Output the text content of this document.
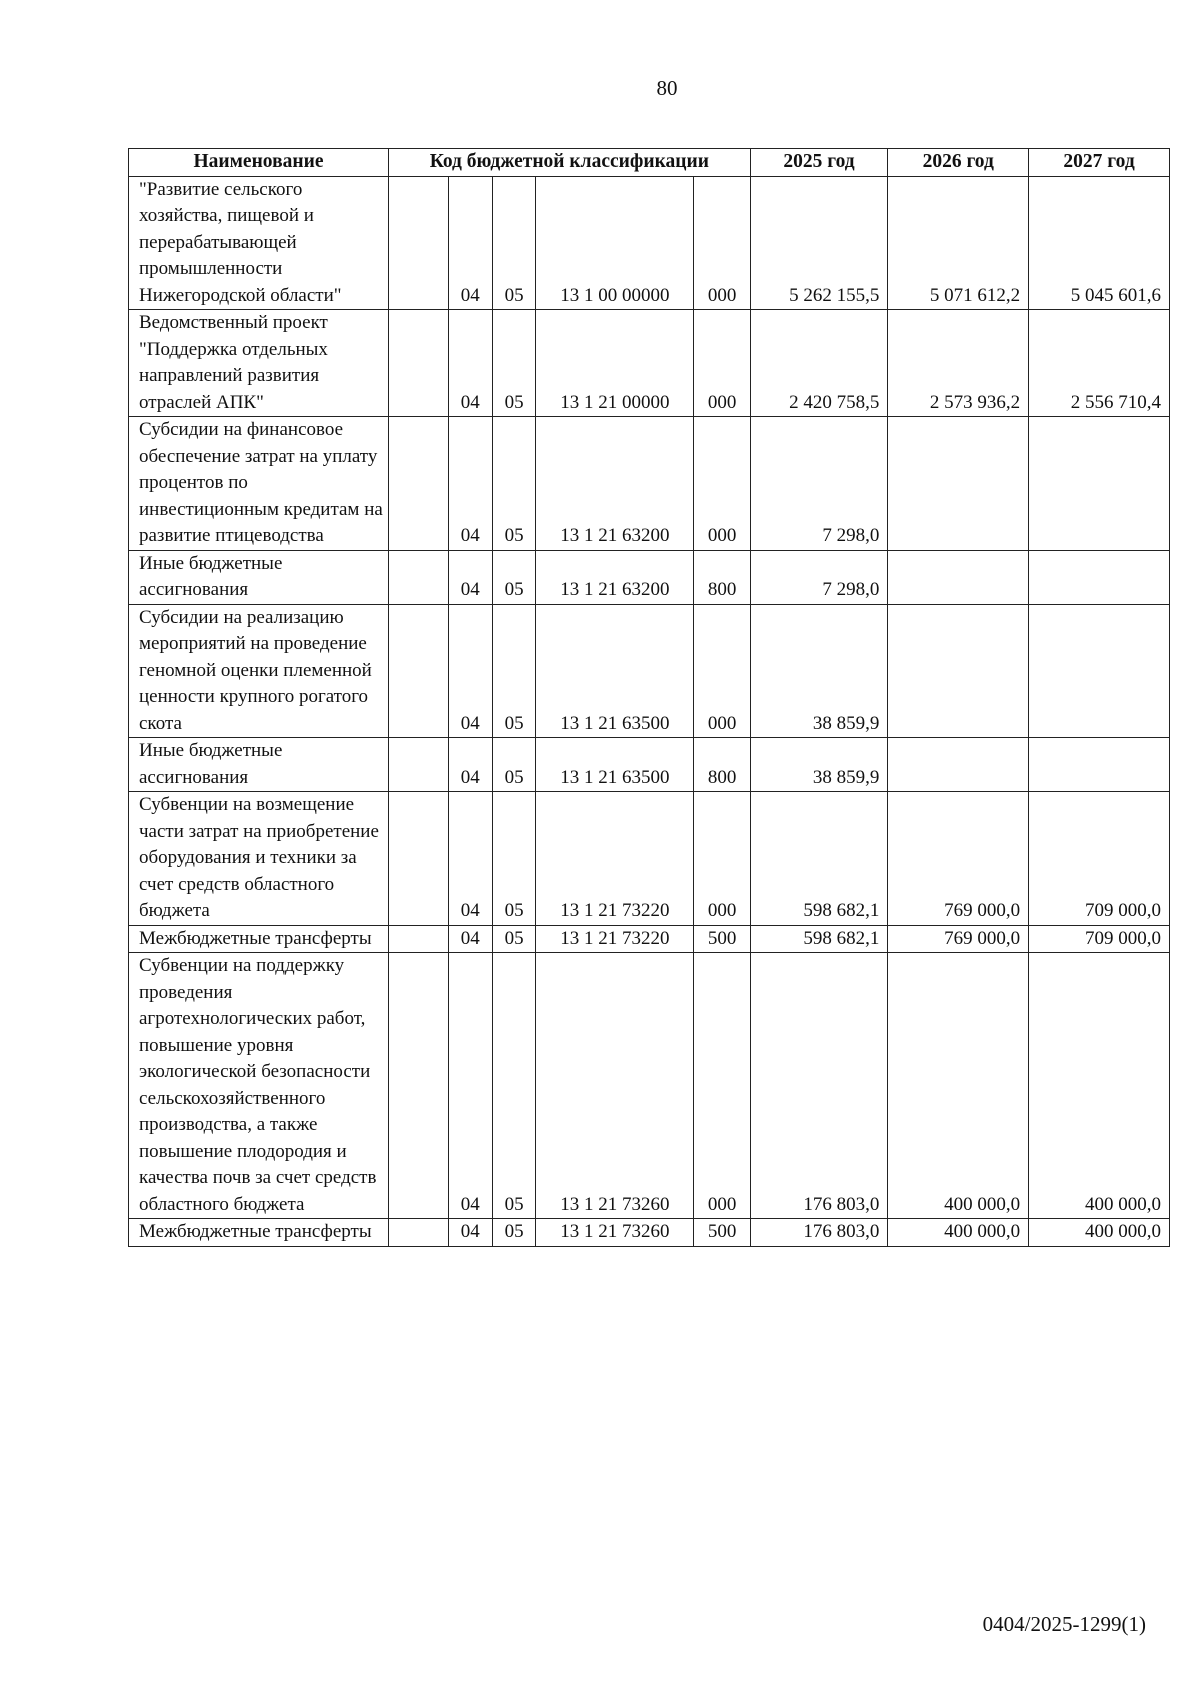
80
Наименование	Код бюджетной классификации					2025 год	2026 год	2027 год
"Развитие сельского хозяйства, пищевой и перерабатывающей промышленности Нижегородской области"		04	05	13 1 00 00000	000	5 262 155,5	5 071 612,2	5 045 601,6
Ведомственный проект "Поддержка отдельных направлений развития отраслей АПК"		04	05	13 1 21 00000	000	2 420 758,5	2 573 936,2	2 556 710,4
Субсидии на финансовое обеспечение затрат на уплату процентов по инвестиционным кредитам на развитие птицеводства		04	05	13 1 21 63200	000	7 298,0		
Иные бюджетные ассигнования		04	05	13 1 21 63200	800	7 298,0		
Субсидии на реализацию мероприятий на проведение геномной оценки племенной ценности крупного рогатого скота		04	05	13 1 21 63500	000	38 859,9		
Иные бюджетные ассигнования		04	05	13 1 21 63500	800	38 859,9		
Субвенции на возмещение части затрат на приобретение оборудования и техники за счет средств областного бюджета		04	05	13 1 21 73220	000	598 682,1	769 000,0	709 000,0
Межбюджетные трансферты		04	05	13 1 21 73220	500	598 682,1	769 000,0	709 000,0
Субвенции на поддержку проведения агротехнологических работ, повышение уровня экологической безопасности сельскохозяйственного производства, а также повышение плодородия и качества почв за счет средств областного бюджета		04	05	13 1 21 73260	000	176 803,0	400 000,0	400 000,0
Межбюджетные трансферты		04	05	13 1 21 73260	500	176 803,0	400 000,0	400 000,0
0404/2025-1299(1)
